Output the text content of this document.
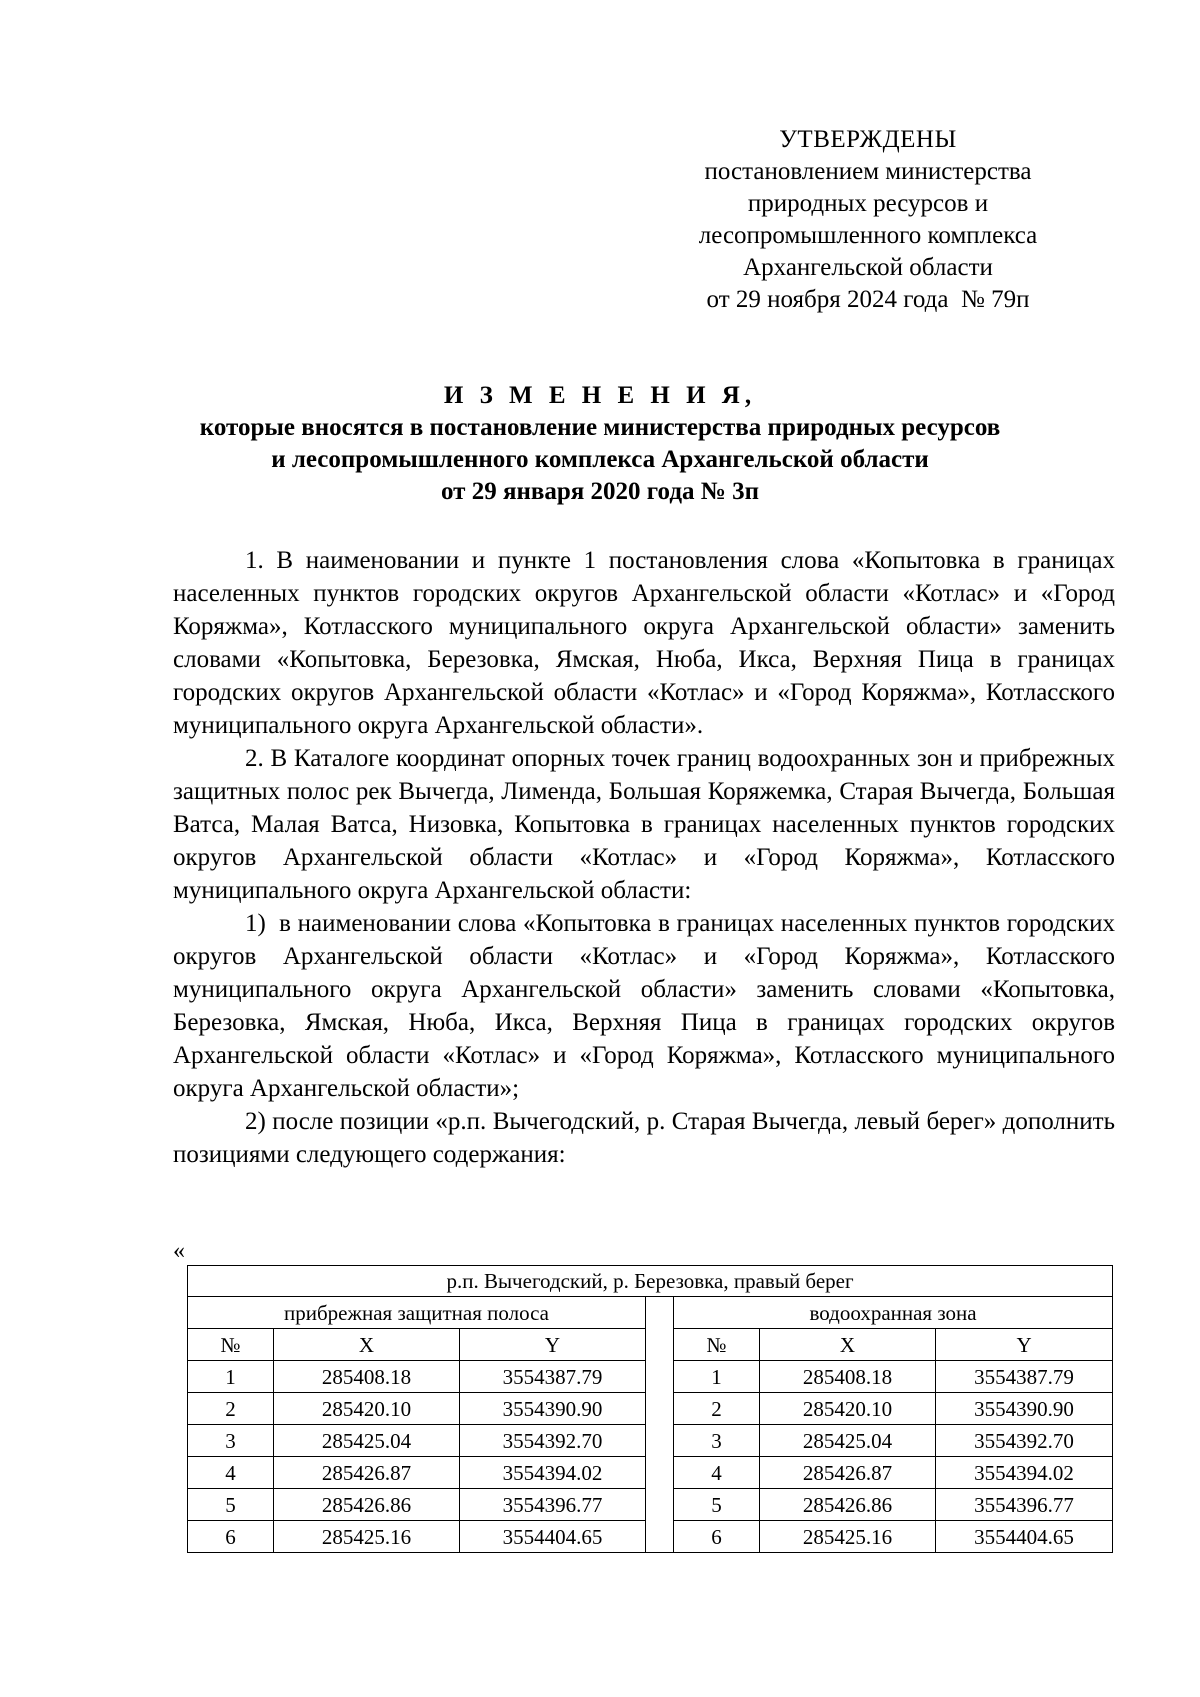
УТВЕРЖДЕНЫ
постановлением министерства
природных ресурсов и
лесопромышленного комплекса
Архангельской области
от 29 ноября 2024 года  № 79п
И З М Е Н Е Н И Я,
которые вносятся в постановление министерства природных ресурсов
и лесопромышленного комплекса Архангельской области
от 29 января 2020 года № 3п

1. В наименовании и пункте 1 постановления слова «Копытовка в границах населенных пунктов городских округов Архангельской области «Котлас» и «Город Коряжма», Котласского муниципального округа Архангельской области» заменить словами «Копытовка, Березовка, Ямская, Нюба, Икса, Верхняя Пица в границах городских округов Архангельской области «Котлас» и «Город Коряжма», Котласского муниципального округа Архангельской области».

2. В Каталоге координат опорных точек границ водоохранных зон и прибрежных защитных полос рек Вычегда, Лименда, Большая Коряжемка, Старая Вычегда, Большая Ватса, Малая Ватса, Низовка, Копытовка в границах населенных пунктов городских округов Архангельской области «Котлас» и «Город Коряжма», Котласского муниципального округа Архангельской области:

1)  в наименовании слова «Копытовка в границах населенных пунктов городских округов Архангельской области «Котлас» и «Город Коряжма», Котласского муниципального округа Архангельской области» заменить словами «Копытовка, Березовка, Ямская, Нюба, Икса, Верхняя Пица в границах городских округов Архангельской области «Котлас» и «Город Коряжма», Котласского муниципального округа Архангельской области»;

2) после позиции «р.п. Вычегодский, р. Старая Вычегда, левый берег» дополнить позициями следующего содержания:

«
р.п. Вычегодский, р. Березовка, правый берег						
прибрежная защитная полоса				водоохранная зона		
№	X	Y		№	X	Y
1	285408.18	3554387.79		1	285408.18	3554387.79
2	285420.10	3554390.90		2	285420.10	3554390.90
3	285425.04	3554392.70		3	285425.04	3554392.70
4	285426.87	3554394.02		4	285426.87	3554394.02
5	285426.86	3554396.77		5	285426.86	3554396.77
6	285425.16	3554404.65		6	285425.16	3554404.65
